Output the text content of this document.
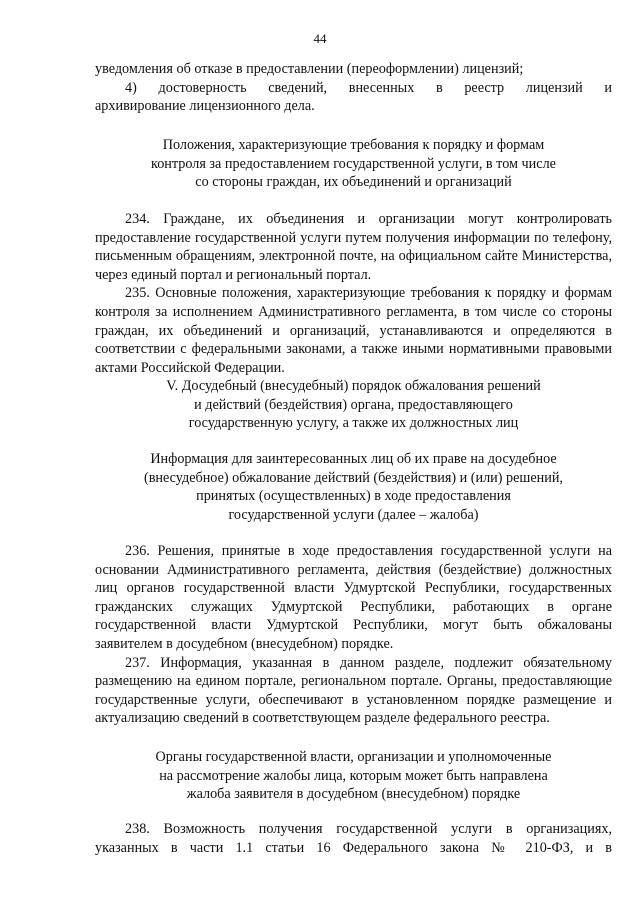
44

уведомления об отказе в предоставлении (переоформлении) лицензий;

4) достоверность сведений, внесенных в реестр лицензий и

архивирование лицензионного дела.

Положения, характеризующие требования к порядку и формам

контроля за предоставлением государственной услуги, в том числе

со стороны граждан, их объединений и организаций

234. Граждане, их объединения и организации могут контролировать предоставление государственной услуги путем получения информации по телефону, письменным обращениям, электронной почте, на официальном сайте Министерства, через единый портал и региональный портал.

235. Основные положения, характеризующие требования к порядку и формам контроля за исполнением Административного регламента, в том числе со стороны граждан, их объединений и организаций, устанавливаются и определяются в соответствии с федеральными законами, а также иными нормативными правовыми актами Российской Федерации.

V. Досудебный (внесудебный) порядок обжалования решений

и действий (бездействия) органа, предоставляющего

государственную услугу, а также их должностных лиц

Информация для заинтересованных лиц об их праве на досудебное

(внесудебное) обжалование действий (бездействия) и (или) решений,

принятых (осуществленных) в ходе предоставления

государственной услуги (далее – жалоба)

236. Решения, принятые в ходе предоставления государственной услуги на основании Административного регламента, действия (бездействие) должностных лиц органов государственной власти Удмуртской Республики, государственных гражданских служащих Удмуртской Республики, работающих в органе государственной власти Удмуртской Республики, могут быть обжалованы заявителем в досудебном (внесудебном) порядке.

237. Информация, указанная в данном разделе, подлежит обязательному размещению на едином портале, региональном портале. Органы, предоставляющие государственные услуги, обеспечивают в установленном порядке размещение и актуализацию сведений в соответствующем разделе федерального реестра.

Органы государственной власти, организации и уполномоченные

на рассмотрение жалобы лица, которым может быть направлена

жалоба заявителя в досудебном (внесудебном) порядке

238. Возможность получения государственной услуги в организациях, указанных в части 1.1 статьи 16 Федерального закона № 210-ФЗ, и в
